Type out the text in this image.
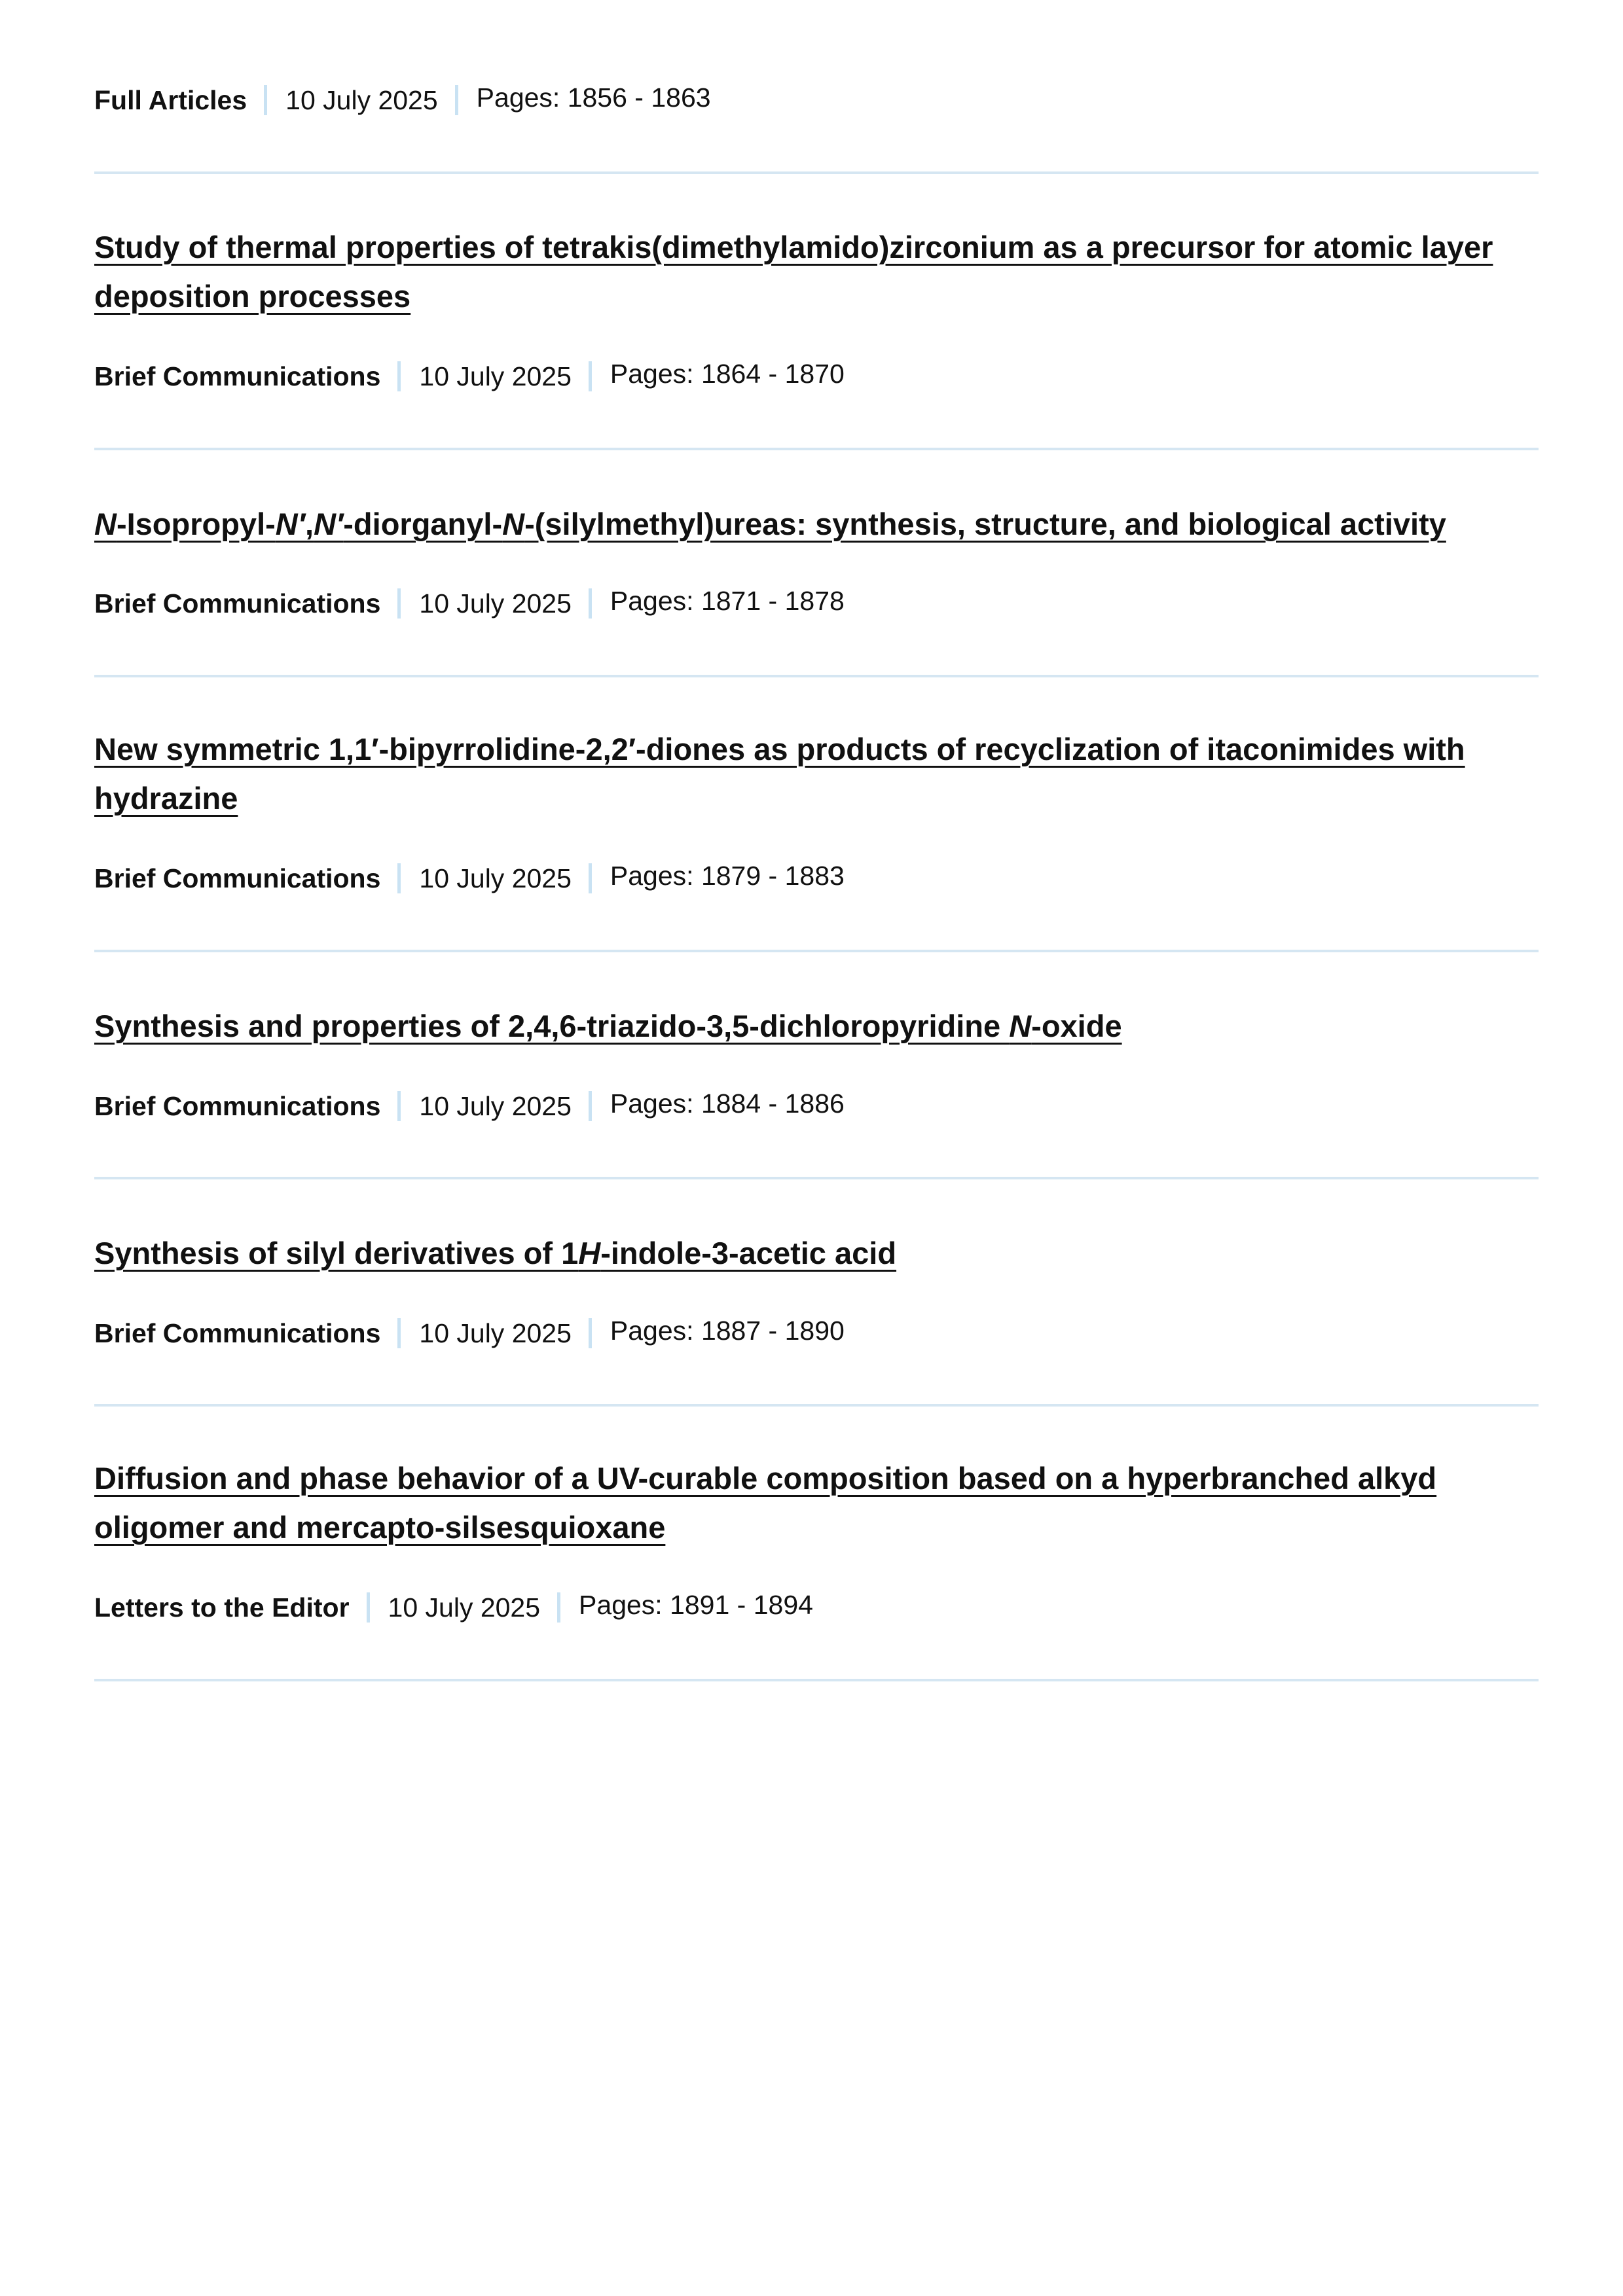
Full Articles 10 July 2025 Pages: 1856 - 1863
Study of thermal properties of tetrakis(dimethylamido)zirconium as a precursor for atomic layer deposition processes
Brief Communications 10 July 2025 Pages: 1864 - 1870
N-Isopropyl-N′,N′-diorganyl-N-(silylmethyl)ureas: synthesis, structure, and biological activity
Brief Communications 10 July 2025 Pages: 1871 - 1878
New symmetric 1,1′-bipyrrolidine-2,2′-diones as products of recyclization of itaconimides with hydrazine
Brief Communications 10 July 2025 Pages: 1879 - 1883
Synthesis and properties of 2,4,6-triazido-3,5-dichloropyridine N-oxide
Brief Communications 10 July 2025 Pages: 1884 - 1886
Synthesis of silyl derivatives of 1H-indole-3-acetic acid
Brief Communications 10 July 2025 Pages: 1887 - 1890
Diffusion and phase behavior of a UV-curable composition based on a hyperbranched alkyd oligomer and mercapto-silsesquioxane
Letters to the Editor 10 July 2025 Pages: 1891 - 1894
